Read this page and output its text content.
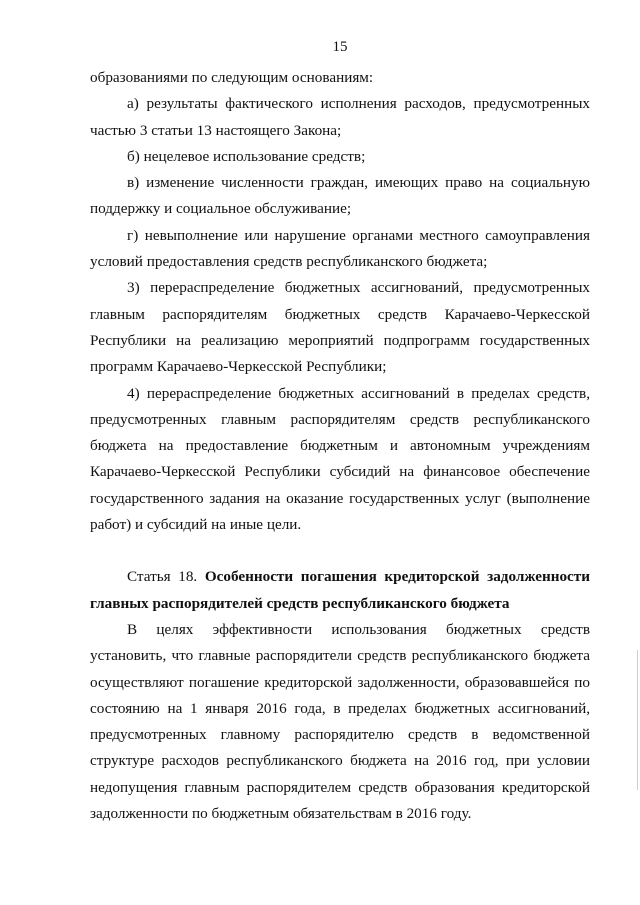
15

образованиями по следующим основаниям:

а) результаты фактического исполнения расходов, предусмотренных частью 3 статьи 13 настоящего Закона;

б) нецелевое использование средств;

в) изменение численности граждан, имеющих право на социальную поддержку и социальное обслуживание;

г) невыполнение или нарушение органами местного самоуправления условий предоставления средств республиканского бюджета;

3) перераспределение бюджетных ассигнований, предусмотренных главным распорядителям бюджетных средств Карачаево-Черкесской Республики на реализацию мероприятий подпрограмм государственных программ Карачаево-Черкесской Республики;

4) перераспределение бюджетных ассигнований в пределах средств, предусмотренных главным распорядителям средств республиканского бюджета на предоставление бюджетным и автономным учреждениям Карачаево-Черкесской Республики субсидий на финансовое обеспечение государственного задания на оказание государственных услуг (выполнение работ) и субсидий на иные цели.

Статья 18. Особенности погашения кредиторской задолженности главных распорядителей средств республиканского бюджета

В целях эффективности использования бюджетных средств установить, что главные распорядители средств республиканского бюджета осуществляют погашение кредиторской задолженности, образовавшейся по состоянию на 1 января 2016 года, в пределах бюджетных ассигнований, предусмотренных главному распорядителю средств в ведомственной структуре расходов республиканского бюджета на 2016 год, при условии недопущения главным распорядителем средств образования кредиторской задолженности по бюджетным обязательствам в 2016 году.
